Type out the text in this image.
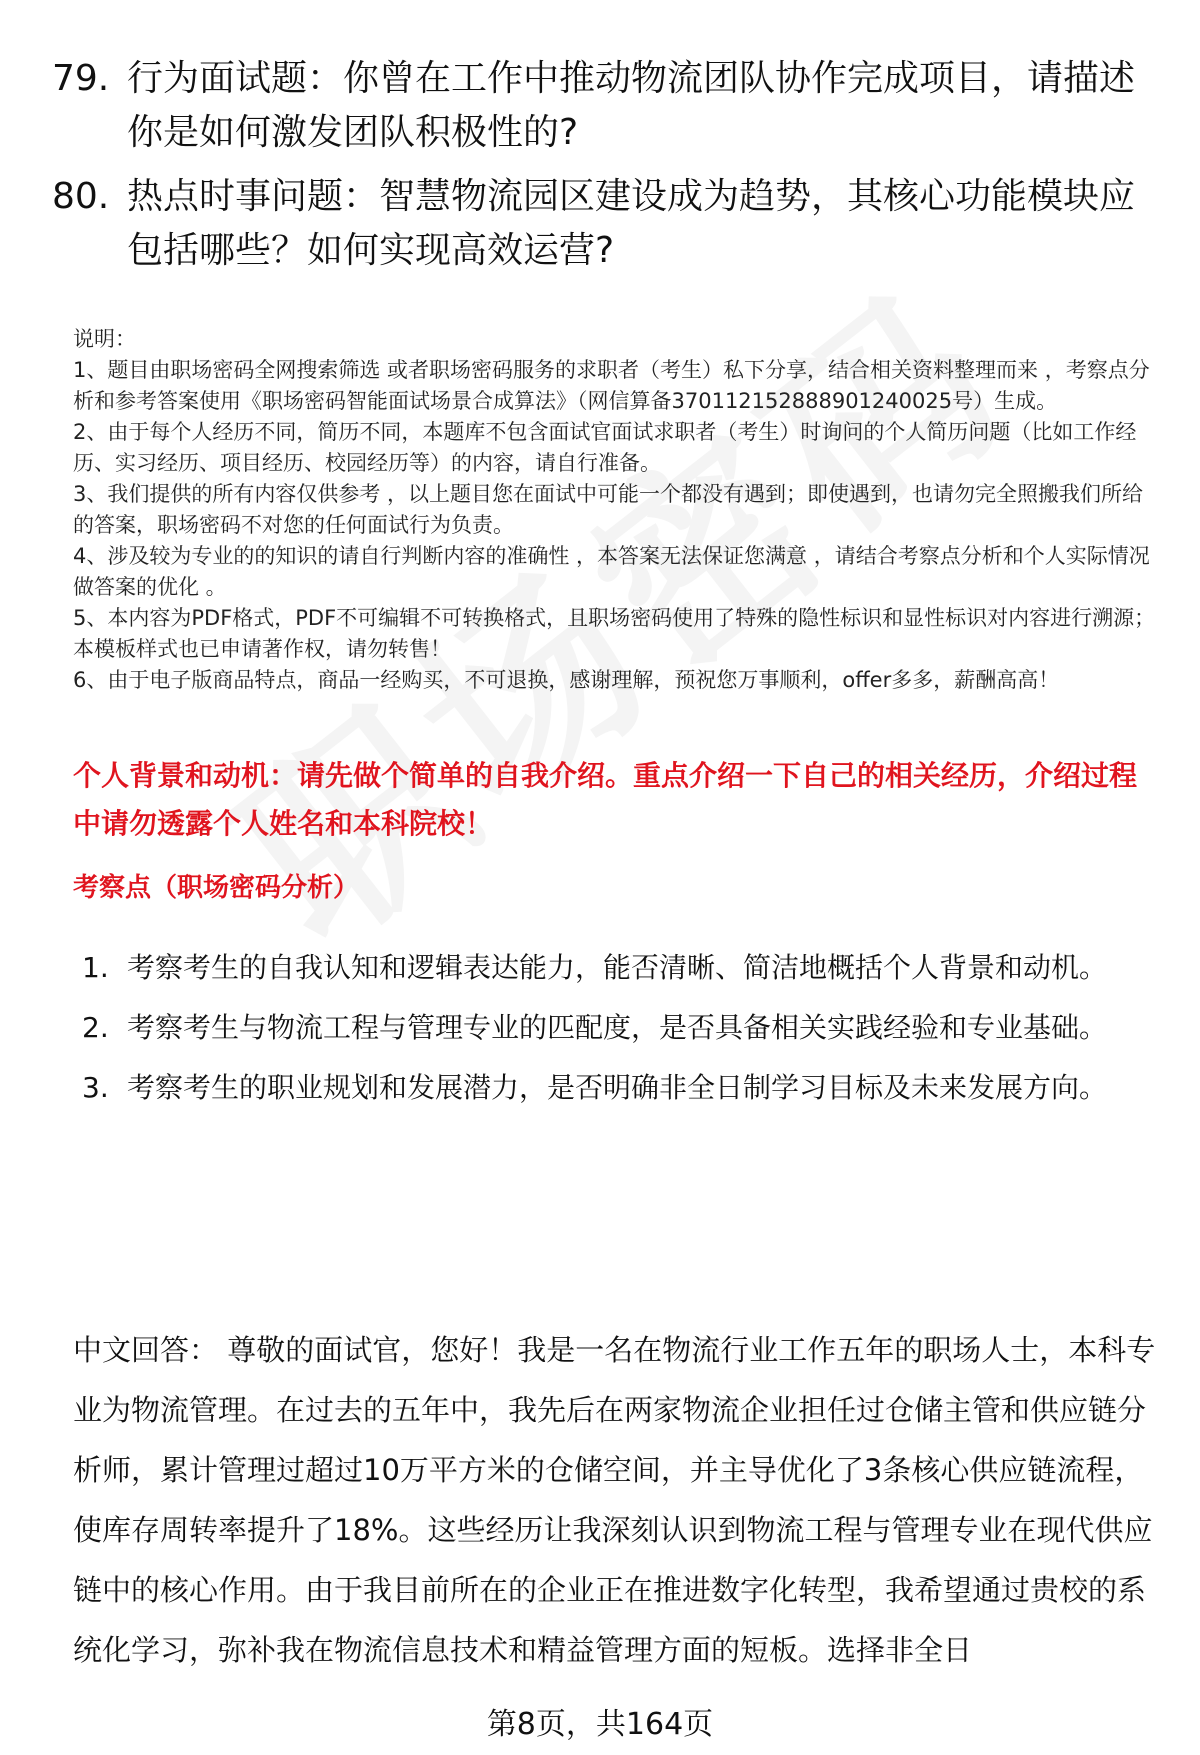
79. 行为面试题：你曾在工作中推动物流团队协作完成项目，请描述你是如何激发团队积极性的?
80. 热点时事问题：智慧物流园区建设成为趋势，其核心功能模块应包括哪些？如何实现高效运营?

说明：

1、题目由职场密码全网搜索筛选 或者职场密码服务的求职者（考生）私下分享，结合相关资料整理而来 ，考察点分析和参考答案使用《职场密码智能面试场景合成算法》（网信算备370112152888901240025号）生成。

2、由于每个人经历不同，简历不同，本题库不包含面试官面试求职者（考生）时询问的个人简历问题（比如工作经历、实习经历、项目经历、校园经历等）的内容，请自行准备。

3、我们提供的所有内容仅供参考 ，以上题目您在面试中可能一个都没有遇到；即使遇到，也请勿完全照搬我们所给的答案，职场密码不对您的任何面试行为负责。

4、涉及较为专业的的知识的请自行判断内容的准确性 ，本答案无法保证您满意 ，请结合考察点分析和个人实际情况做答案的优化 。

5、本内容为PDF格式，PDF不可编辑不可转换格式，且职场密码使用了特殊的隐性标识和显性标识对内容进行溯源；本模板样式也已申请著作权，请勿转售！

6、由于电子版商品特点，商品一经购买，不可退换，感谢理解，预祝您万事顺利，offer多多，薪酬高高！

个人背景和动机：请先做个简单的自我介绍。重点介绍一下自己的相关经历，介绍过程中请勿透露个人姓名和本科院校！
考察点（职场密码分析）
1. 考察考生的自我认知和逻辑表达能力，能否清晰、简洁地概括个人背景和动机。
2. 考察考生与物流工程与管理专业的匹配度，是否具备相关实践经验和专业基础。
3. 考察考生的职业规划和发展潜力，是否明确非全日制学习目标及未来发展方向。
中文回答： 尊敬的面试官，您好！我是一名在物流行业工作五年的职场人士，本科专业为物流管理。在过去的五年中，我先后在两家物流企业担任过仓储主管和供应链分析师，累计管理过超过10万平方米的仓储空间，并主导优化了3条核心供应链流程，使库存周转率提升了18%。这些经历让我深刻认识到物流工程与管理专业在现代供应链中的核心作用。由于我目前所在的企业正在推进数字化转型，我希望通过贵校的系统化学习，弥补我在物流信息技术和精益管理方面的短板。选择非全日
第8页，共164页
